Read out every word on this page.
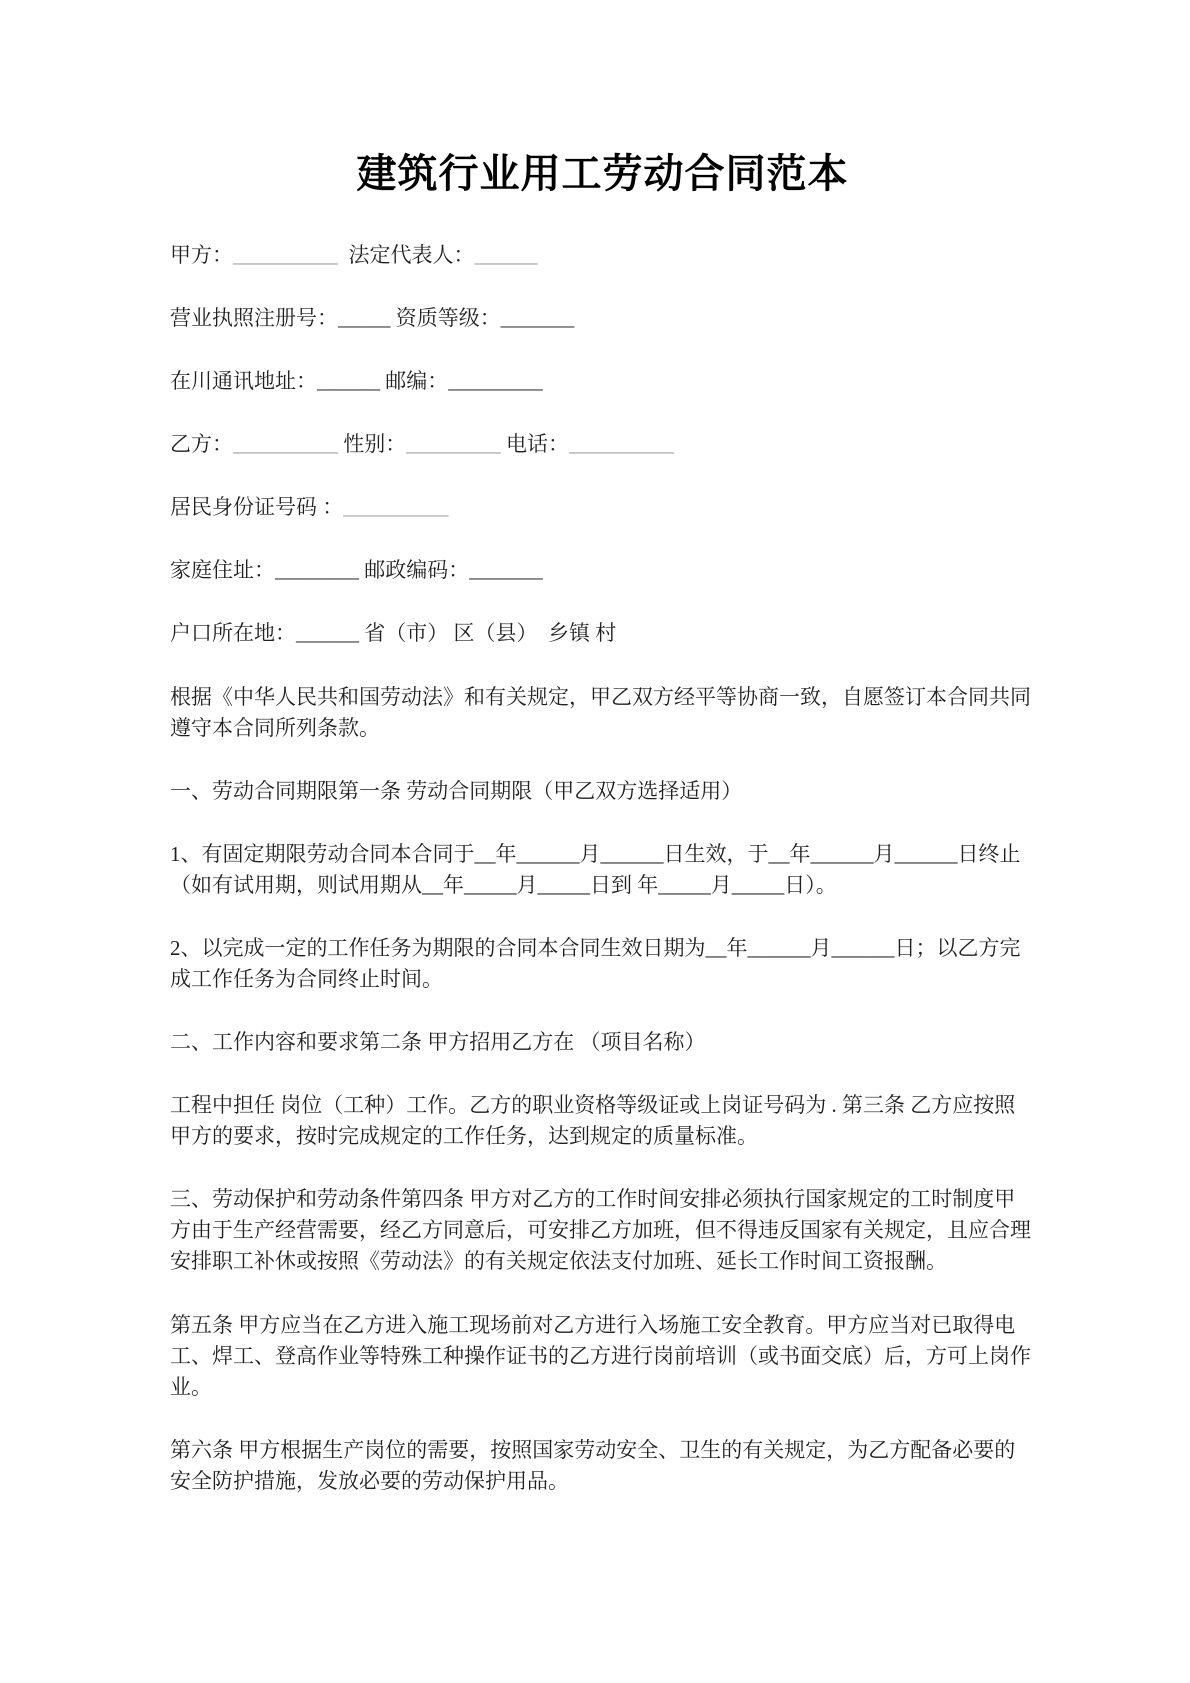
建筑行业用工劳动合同范本

甲方：__________  法定代表人：______

营业执照注册号：_____ 资质等级：_______

在川通讯地址：______ 邮编：_________

乙方：__________ 性别：_________ 电话：__________

居民身份证号码 ：__________

家庭住址：________ 邮政编码：_______

户口所在地：______ 省（市） 区（县）  乡镇 村

根据《中华人民共和国劳动法》和有关规定，甲乙双方经平等协商一致，自愿签订本合同共同遵守本合同所列条款。

一、劳动合同期限第一条 劳动合同期限（甲乙双方选择适用）

1、有固定期限劳动合同本合同于__年______月______日生效，于__年______月______日终止（如有试用期，则试用期从__年_____月_____日到 年_____月_____日）。

2、以完成一定的工作任务为期限的合同本合同生效日期为__年______月______日；以乙方完成工作任务为合同终止时间。

二、工作内容和要求第二条 甲方招用乙方在 （项目名称）

工程中担任 岗位（工种）工作。乙方的职业资格等级证或上岗证号码为 . 第三条 乙方应按照甲方的要求，按时完成规定的工作任务，达到规定的质量标准。

三、劳动保护和劳动条件第四条 甲方对乙方的工作时间安排必须执行国家规定的工时制度甲方由于生产经营需要，经乙方同意后，可安排乙方加班，但不得违反国家有关规定，且应合理安排职工补休或按照《劳动法》的有关规定依法支付加班、延长工作时间工资报酬。

第五条 甲方应当在乙方进入施工现场前对乙方进行入场施工安全教育。甲方应当对已取得电工、焊工、登高作业等特殊工种操作证书的乙方进行岗前培训（或书面交底）后，方可上岗作业。

第六条 甲方根据生产岗位的需要，按照国家劳动安全、卫生的有关规定，为乙方配备必要的安全防护措施，发放必要的劳动保护用品。
